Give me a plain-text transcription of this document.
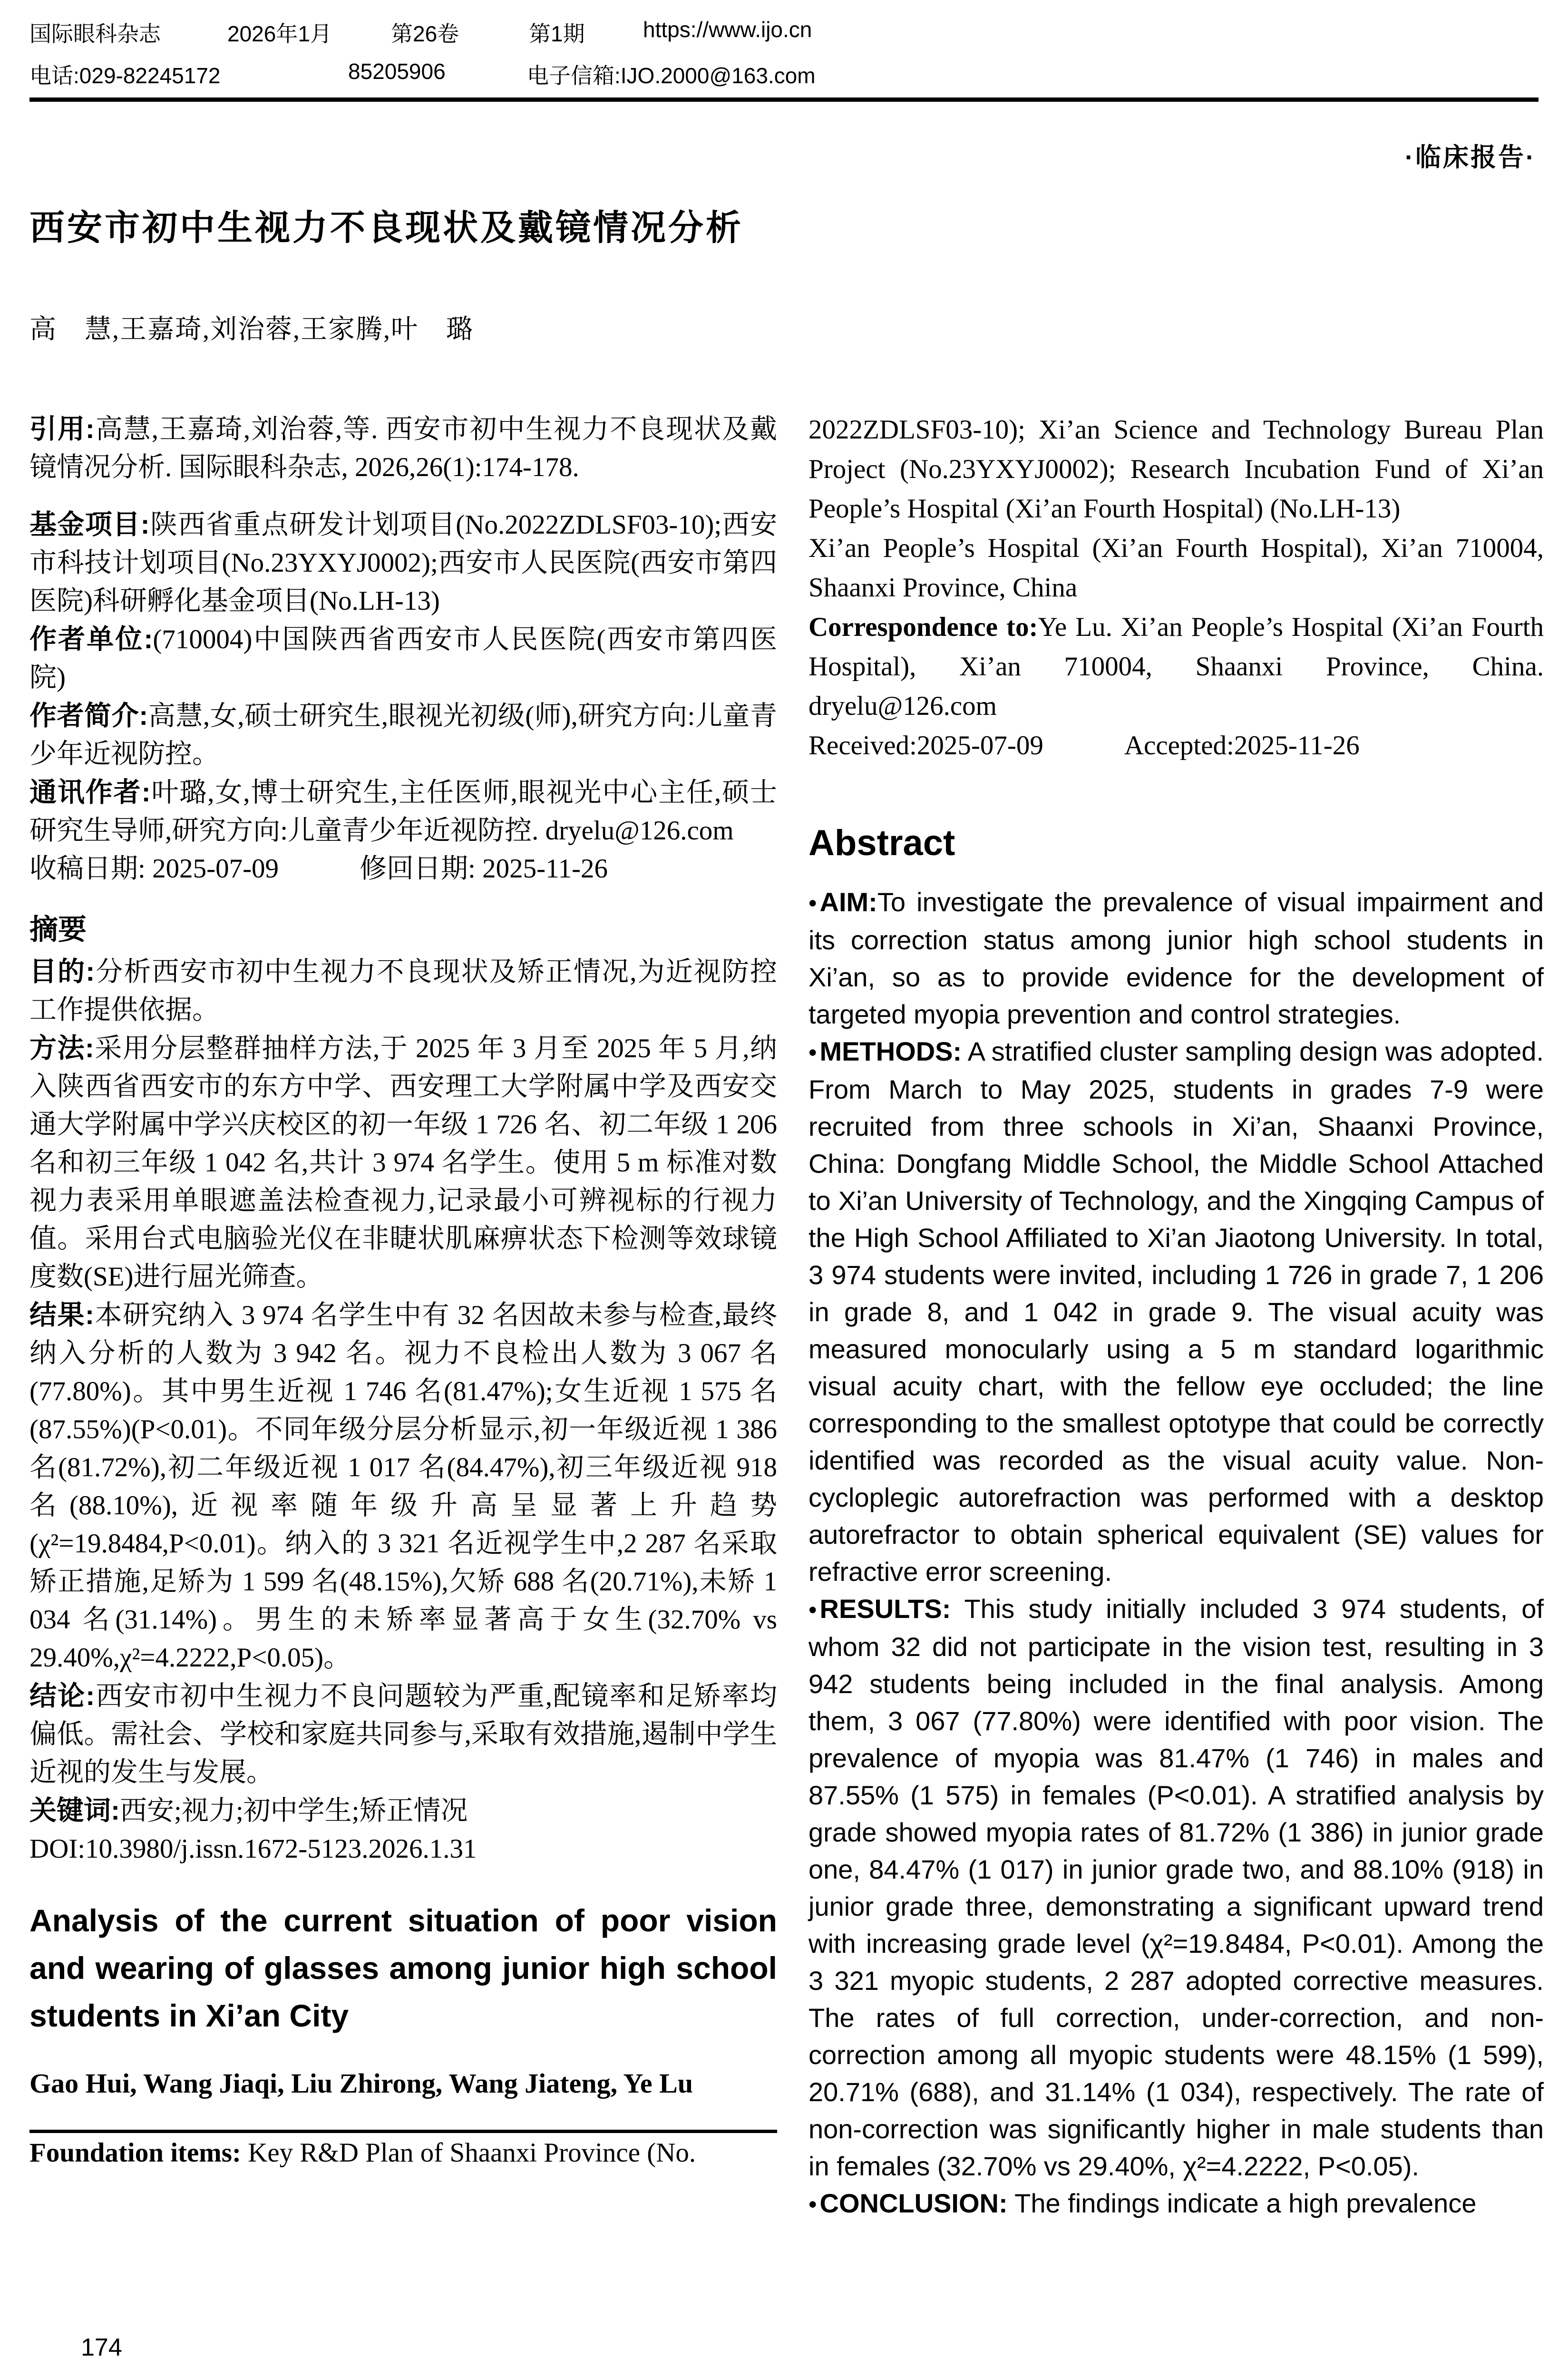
国际眼科杂志	2026年1月	第26卷	第1期	https://www.ijo.cn
电话:029-82245172	85205906	电子信箱:IJO.2000@163.com
·临床报告·
西安市初中生视力不良现状及戴镜情况分析
高　慧,王嘉琦,刘治蓉,王家腾,叶　璐

引用:高慧,王嘉琦,刘治蓉,等. 西安市初中生视力不良现状及戴镜情况分析. 国际眼科杂志, 2026,26(1):174-178.

基金项目:陕西省重点研发计划项目(No.2022ZDLSF03-10);西安市科技计划项目(No.23YXYJ0002);西安市人民医院(西安市第四医院)科研孵化基金项目(No.LH-13)

作者单位:(710004)中国陕西省西安市人民医院(西安市第四医院)

作者简介:高慧,女,硕士研究生,眼视光初级(师),研究方向:儿童青少年近视防控。

通讯作者:叶璐,女,博士研究生,主任医师,眼视光中心主任,硕士研究生导师,研究方向:儿童青少年近视防控. dryelu@126.com

收稿日期: 2025-07-09	修回日期: 2025-11-26

摘要

目的:分析西安市初中生视力不良现状及矫正情况,为近视防控工作提供依据。

方法:采用分层整群抽样方法,于 2025 年 3 月至 2025 年 5 月,纳入陕西省西安市的东方中学、西安理工大学附属中学及西安交通大学附属中学兴庆校区的初一年级 1 726 名、初二年级 1 206 名和初三年级 1 042 名,共计 3 974 名学生。使用 5 m 标准对数视力表采用单眼遮盖法检查视力,记录最小可辨视标的行视力值。采用台式电脑验光仪在非睫状肌麻痹状态下检测等效球镜度数(SE)进行屈光筛查。

结果:本研究纳入 3 974 名学生中有 32 名因故未参与检查,最终纳入分析的人数为 3 942 名。视力不良检出人数为 3 067 名(77.80%)。其中男生近视 1 746 名(81.47%);女生近视 1 575 名(87.55%)(P<0.01)。不同年级分层分析显示,初一年级近视 1 386 名(81.72%),初二年级近视 1 017 名(84.47%),初三年级近视 918 名(88.10%),近视率随年级升高呈显著上升趋势(χ²=19.8484,P<0.01)。纳入的 3 321 名近视学生中,2 287 名采取矫正措施,足矫为 1 599 名(48.15%),欠矫 688 名(20.71%),未矫 1 034 名(31.14%)。男生的未矫率显著高于女生(32.70% vs 29.40%,χ²=4.2222,P<0.05)。

结论:西安市初中生视力不良问题较为严重,配镜率和足矫率均偏低。需社会、学校和家庭共同参与,采取有效措施,遏制中学生近视的发生与发展。

关键词:西安;视力;初中学生;矫正情况

DOI:10.3980/j.issn.1672-5123.2026.1.31

Analysis of the current situation of poor vision and wearing of glasses among junior high school students in Xi’an City
Gao Hui, Wang Jiaqi, Liu Zhirong, Wang Jiateng, Ye Lu

Foundation items: Key R&D Plan of Shaanxi Province (No.

2022ZDLSF03-10); Xi’an Science and Technology Bureau Plan Project (No.23YXYJ0002); Research Incubation Fund of Xi’an People’s Hospital (Xi’an Fourth Hospital) (No.LH-13)

Xi’an People’s Hospital (Xi’an Fourth Hospital), Xi’an 710004, Shaanxi Province, China

Correspondence to:Ye Lu. Xi’an People’s Hospital (Xi’an Fourth Hospital), Xi’an 710004, Shaanxi Province, China. dryelu@126.com

Received:2025-07-09	Accepted:2025-11-26

Abstract

• AIM:To investigate the prevalence of visual impairment and its correction status among junior high school students in Xi’an, so as to provide evidence for the development of targeted myopia prevention and control strategies.

• METHODS: A stratified cluster sampling design was adopted. From March to May 2025, students in grades 7-9 were recruited from three schools in Xi’an, Shaanxi Province, China: Dongfang Middle School, the Middle School Attached to Xi’an University of Technology, and the Xingqing Campus of the High School Affiliated to Xi’an Jiaotong University. In total, 3 974 students were invited, including 1 726 in grade 7, 1 206 in grade 8, and 1 042 in grade 9. The visual acuity was measured monocularly using a 5 m standard logarithmic visual acuity chart, with the fellow eye occluded; the line corresponding to the smallest optotype that could be correctly identified was recorded as the visual acuity value. Non-cycloplegic autorefraction was performed with a desktop autorefractor to obtain spherical equivalent (SE) values for refractive error screening.

• RESULTS: This study initially included 3 974 students, of whom 32 did not participate in the vision test, resulting in 3 942 students being included in the final analysis. Among them, 3 067 (77.80%) were identified with poor vision. The prevalence of myopia was 81.47% (1 746) in males and 87.55% (1 575) in females (P<0.01). A stratified analysis by grade showed myopia rates of 81.72% (1 386) in junior grade one, 84.47% (1 017) in junior grade two, and 88.10% (918) in junior grade three, demonstrating a significant upward trend with increasing grade level (χ²=19.8484, P<0.01). Among the 3 321 myopic students, 2 287 adopted corrective measures. The rates of full correction, under-correction, and non-correction among all myopic students were 48.15% (1 599), 20.71% (688), and 31.14% (1 034), respectively. The rate of non-correction was significantly higher in male students than in females (32.70% vs 29.40%, χ²=4.2222, P<0.05).

• CONCLUSION: The findings indicate a high prevalence

174
